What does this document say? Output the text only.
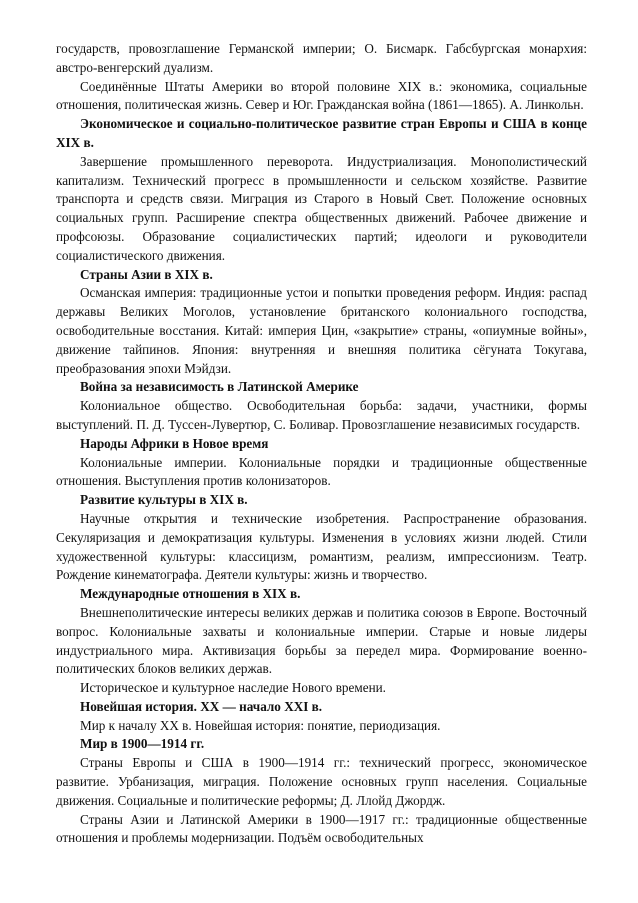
государств, провозглашение Германской империи; О. Бисмарк. Габсбургская монархия: австро-венгерский дуализм.

Соединённые Штаты Америки во второй половине XIX в.: экономика, социальные отношения, политическая жизнь. Север и Юг. Гражданская война (1861—1865). А. Линкольн.

Экономическое и социально-политическое развитие стран Европы и США в конце XIX в.

Завершение промышленного переворота. Индустриализация. Монополистический капитализм. Технический прогресс в промышленности и сельском хозяйстве. Развитие транспорта и средств связи. Миграция из Старого в Новый Свет. Положение основных социальных групп. Расширение спектра общественных движений. Рабочее движение и профсоюзы. Образование социалистических партий; идеологи и руководители социалистического движения.

Страны Азии в XIX в.

Османская империя: традиционные устои и попытки проведения реформ. Индия: распад державы Великих Моголов, установление британского колониального господства, освободительные восстания. Китай: империя Цин, «закрытие» страны, «опиумные войны», движение тайпинов. Япония: внутренняя и внешняя политика сёгуната Токугава, преобразования эпохи Мэйдзи.

Война за независимость в Латинской Америке

Колониальное общество. Освободительная борьба: задачи, участники, формы выступлений. П. Д. Туссен-Лувертюр, С. Боливар. Провозглашение независимых государств.

Народы Африки в Новое время

Колониальные империи. Колониальные порядки и традиционные общественные отношения. Выступления против колонизаторов.

Развитие культуры в XIX в.

Научные открытия и технические изобретения. Распространение образования. Секуляризация и демократизация культуры. Изменения в условиях жизни людей. Стили художественной культуры: классицизм, романтизм, реализм, импрессионизм. Театр. Рождение кинематографа. Деятели культуры: жизнь и творчество.

Международные отношения в XIX в.

Внешнеполитические интересы великих держав и политика союзов в Европе. Восточный вопрос. Колониальные захваты и колониальные империи. Старые и новые лидеры индустриального мира. Активизация борьбы за передел мира. Формирование военно-политических блоков великих держав.

Историческое и культурное наследие Нового времени.

Новейшая история. XX — начало XXI в.

Мир к началу XX в. Новейшая история: понятие, периодизация.

Мир в 1900—1914 гг.

Страны Европы и США в 1900—1914 гг.: технический прогресс, экономическое развитие. Урбанизация, миграция. Положение основных групп населения. Социальные движения. Социальные и политические реформы; Д. Ллойд Джордж.

Страны Азии и Латинской Америки в 1900—1917 гг.: традиционные общественные отношения и проблемы модернизации. Подъём освободительных
